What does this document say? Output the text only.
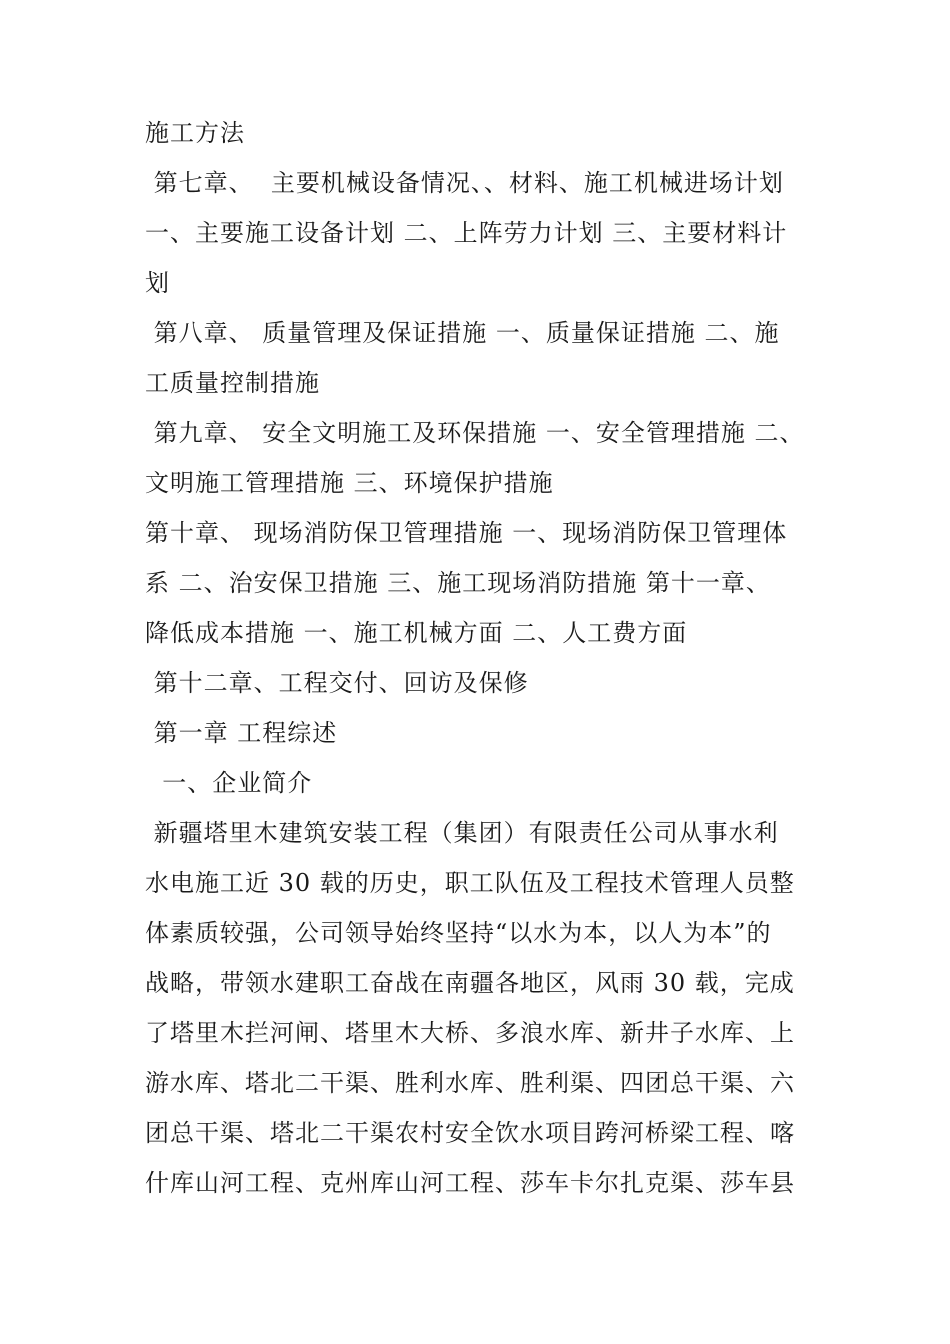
施工方法
第七章、  主要机械设备情况、、材料、施工机械进场计划
一、主要施工设备计划 二、上阵劳力计划 三、主要材料计
划
第八章、 质量管理及保证措施 一、质量保证措施 二、施
工质量控制措施
第九章、 安全文明施工及环保措施 一、安全管理措施 二、
文明施工管理措施 三、环境保护措施
第十章、 现场消防保卫管理措施 一、现场消防保卫管理体
系 二、治安保卫措施 三、施工现场消防措施 第十一章、
降低成本措施 一、施工机械方面 二、人工费方面
第十二章、工程交付、回访及保修
第一章 工程综述
一、企业简介
新疆塔里木建筑安装工程（集团）有限责任公司从事水利
水电施工近 30 载的历史，职工队伍及工程技术管理人员整
体素质较强，公司领导始终坚持“以水为本，以人为本”的
战略，带领水建职工奋战在南疆各地区，风雨 30 载，完成
了塔里木拦河闸、塔里木大桥、多浪水库、新井子水库、上
游水库、塔北二干渠、胜利水库、胜利渠、四团总干渠、六
团总干渠、塔北二干渠农村安全饮水项目跨河桥梁工程、喀
什库山河工程、克州库山河工程、莎车卡尔扎克渠、莎车县
